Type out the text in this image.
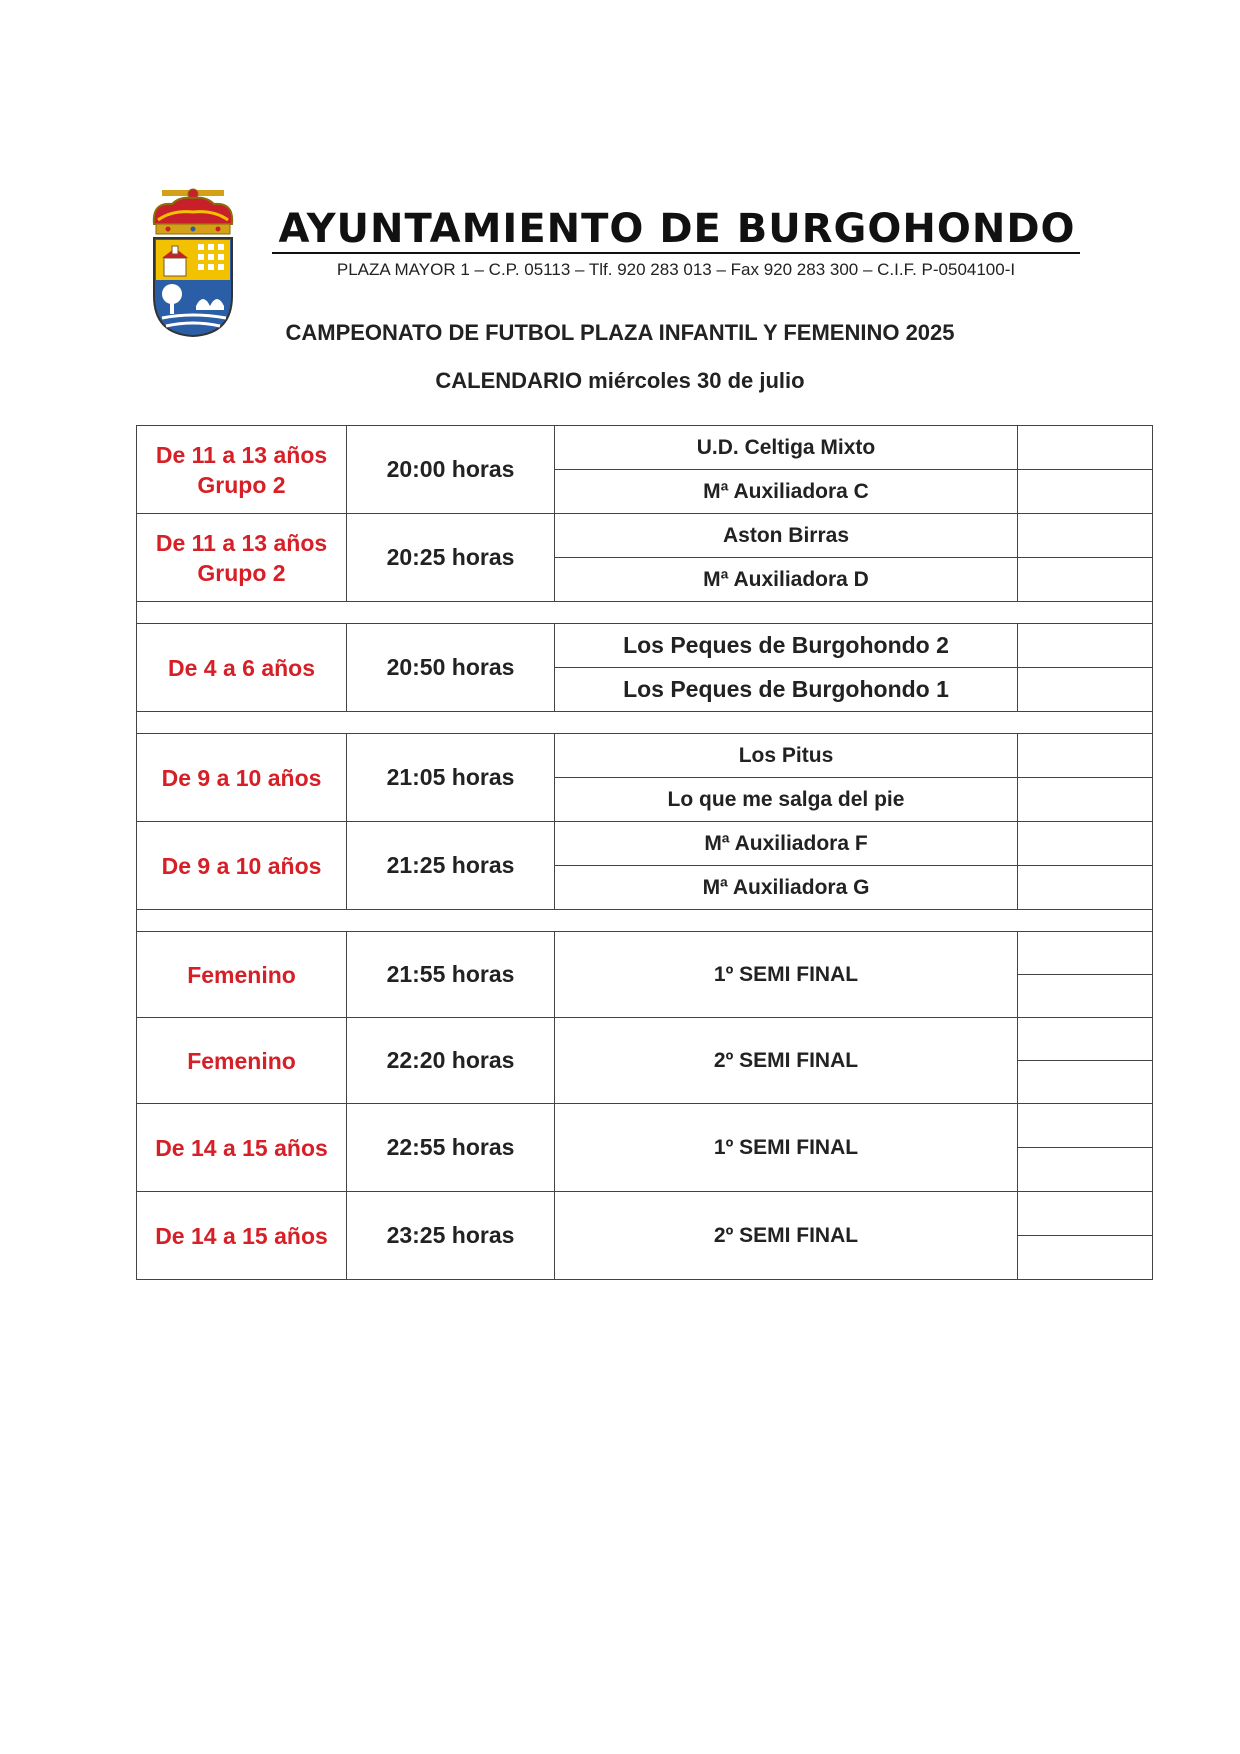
AYUNTAMIENTO DE BURGOHONDO
PLAZA MAYOR 1 – C.P. 05113 – Tlf. 920 283 013 – Fax 920 283 300 – C.I.F. P-0504100-I
CAMPEONATO DE FUTBOL PLAZA INFANTIL Y FEMENINO 2025
CALENDARIO miércoles 30 de julio
De 11 a 13 años
Grupo 2	20:00 horas	U.D. Celtiga Mixto	
		Mª Auxiliadora C	

De 11 a 13 años
Grupo 2	20:25 horas	Aston Birras	
		Mª Auxiliadora D	

De 4 a 6 años	20:50 horas	Los Peques de Burgohondo 2	
		Los Peques de Burgohondo 1	

De 9 a 10 años	21:05 horas	Los Pitus	
		Lo que me salga del pie	
De 9 a 10 años	21:25 horas	Mª Auxiliadora F	
		Mª Auxiliadora G	

Femenino	21:55 horas	1º SEMI FINAL	

Femenino	22:20 horas	2º SEMI FINAL	

De 14 a 15 años	22:55 horas	1º SEMI FINAL	

De 14 a 15 años	23:25 horas	2º SEMI FINAL	
